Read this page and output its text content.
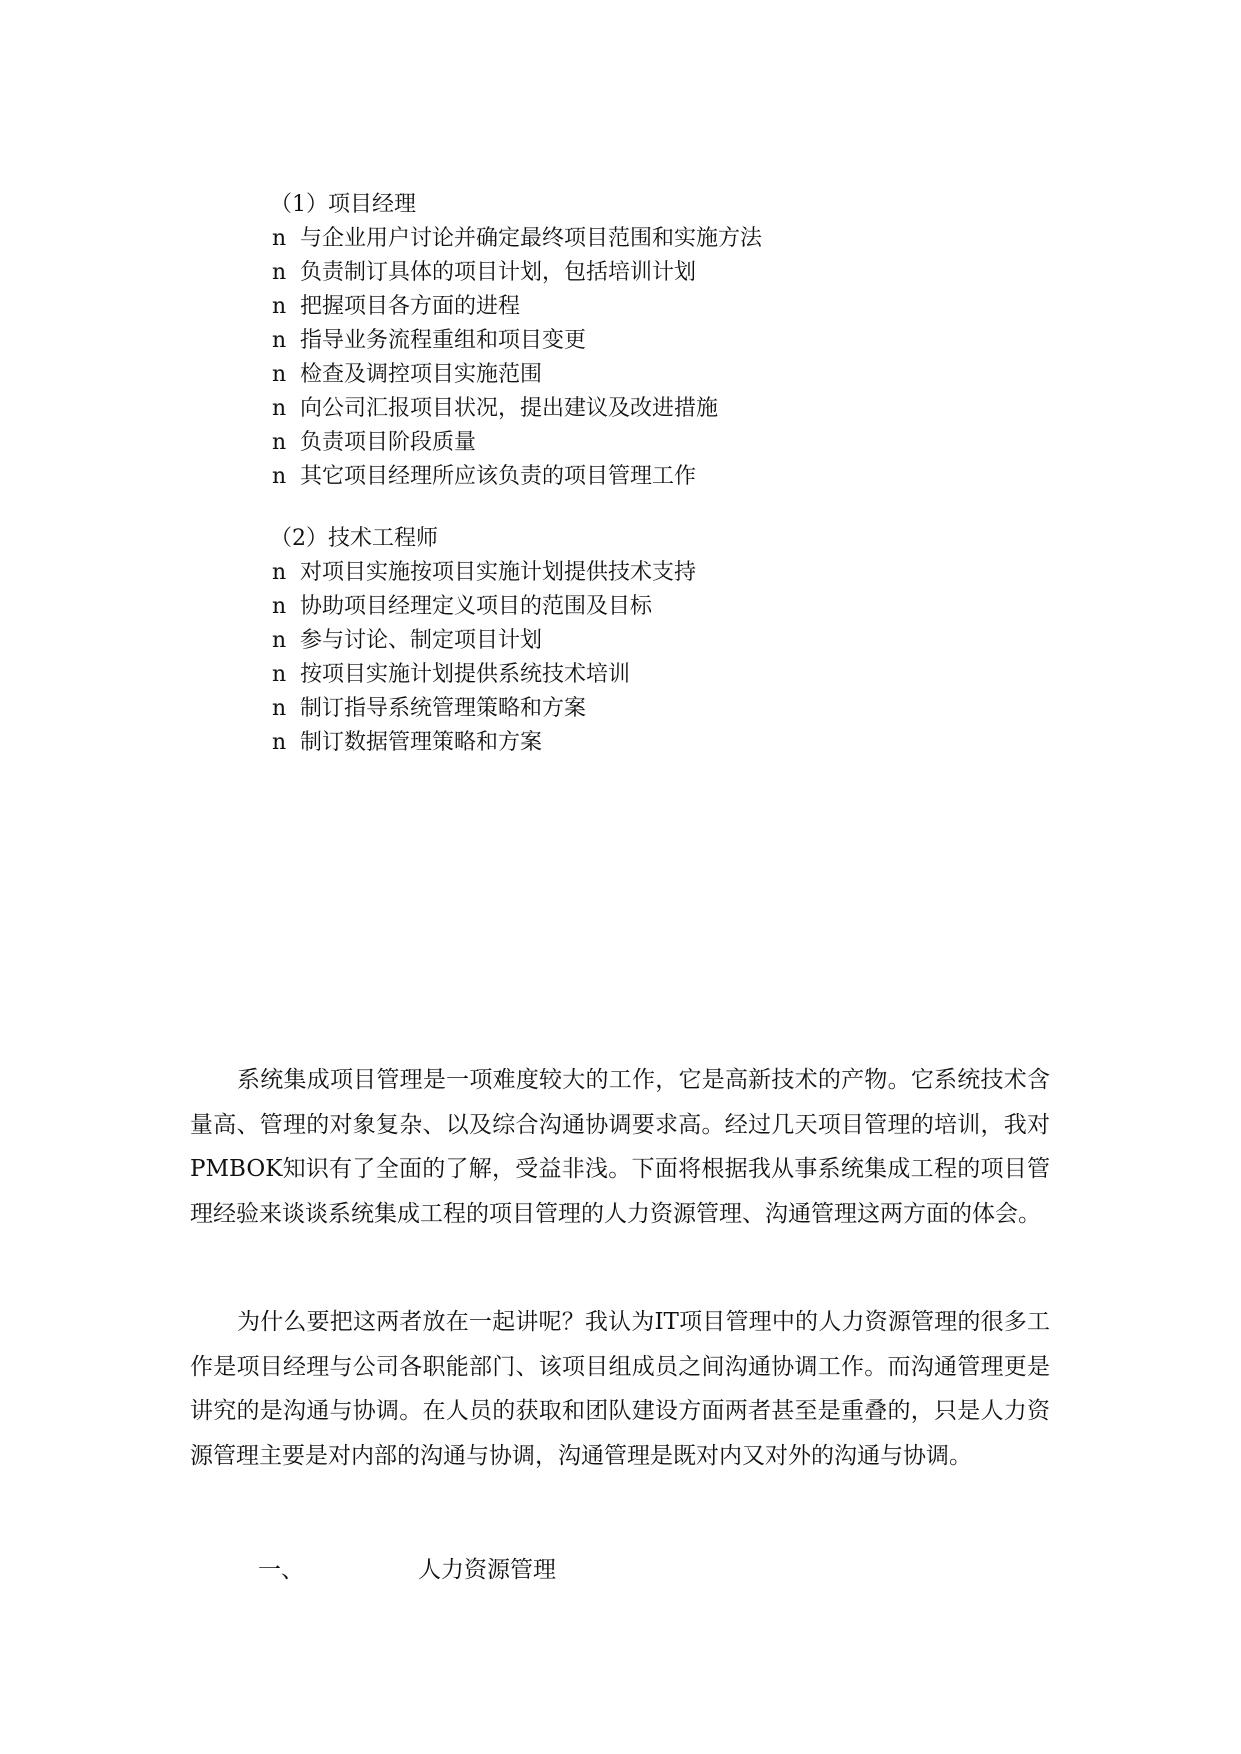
（1）项目经理
n 与企业用户讨论并确定最终项目范围和实施方法
n 负责制订具体的项目计划，包括培训计划
n 把握项目各方面的进程
n 指导业务流程重组和项目变更
n 检查及调控项目实施范围
n 向公司汇报项目状况，提出建议及改进措施
n 负责项目阶段质量
n 其它项目经理所应该负责的项目管理工作
（2）技术工程师
n 对项目实施按项目实施计划提供技术支持
n 协助项目经理定义项目的范围及目标
n 参与讨论、制定项目计划
n 按项目实施计划提供系统技术培训
n 制订指导系统管理策略和方案
n 制订数据管理策略和方案

系统集成项目管理是一项难度较大的工作，它是高新技术的产物。它系统技术含量高、管理的对象复杂、以及综合沟通协调要求高。经过几天项目管理的培训，我对PMBOK知识有了全面的了解，受益非浅。下面将根据我从事系统集成工程的项目管理经验来谈谈系统集成工程的项目管理的人力资源管理、沟通管理这两方面的体会。

为什么要把这两者放在一起讲呢？我认为IT项目管理中的人力资源管理的很多工作是项目经理与公司各职能部门、该项目组成员之间沟通协调工作。而沟通管理更是讲究的是沟通与协调。在人员的获取和团队建设方面两者甚至是重叠的，只是人力资源管理主要是对内部的沟通与协调，沟通管理是既对内又对外的沟通与协调。

一、	人力资源管理
